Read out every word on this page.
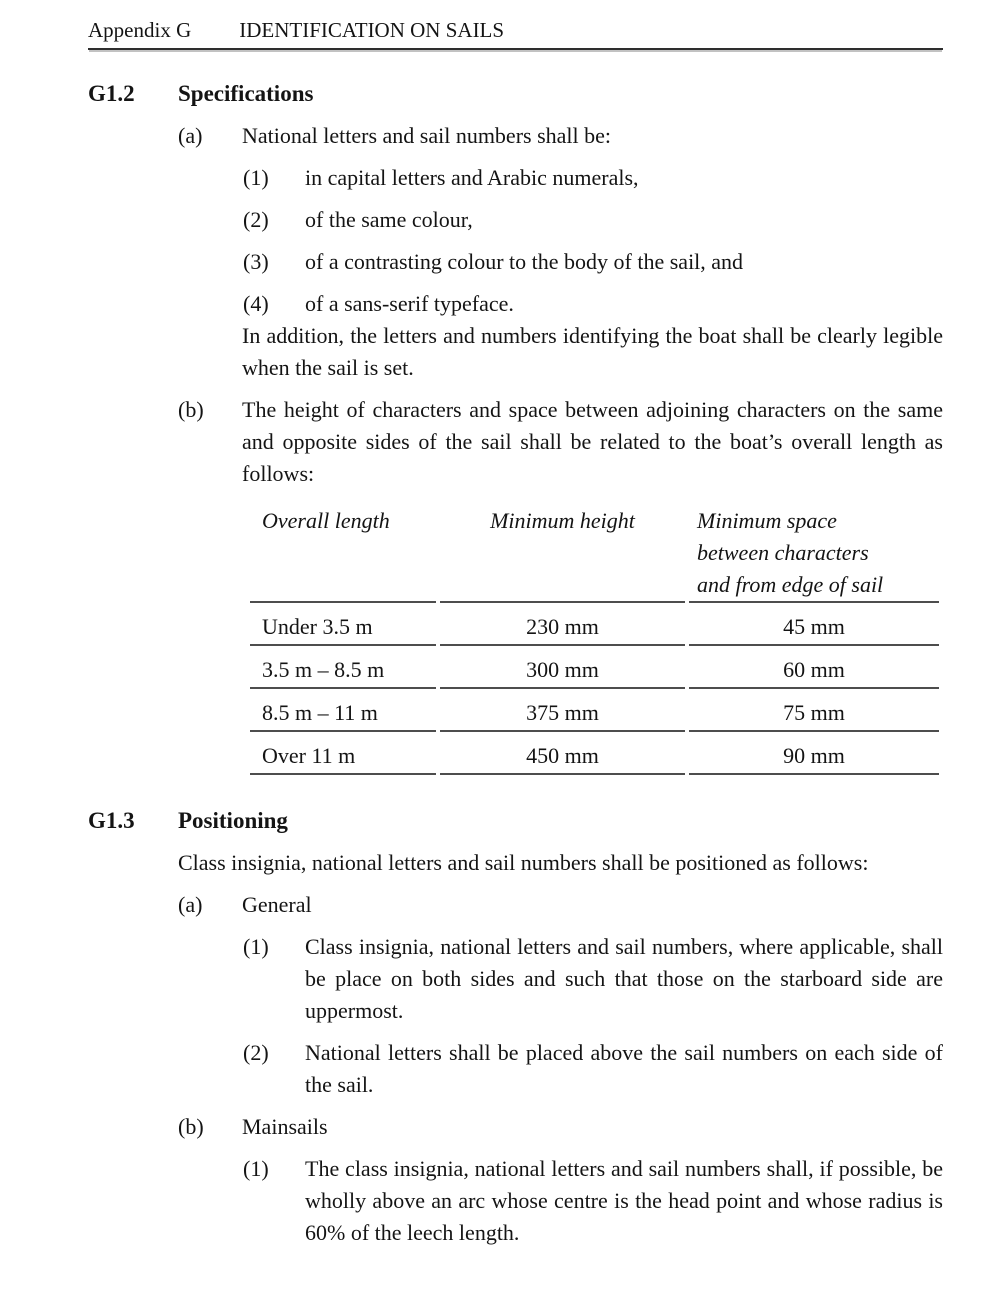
Appendix G IDENTIFICATION ON SAILS
G1.2	Specifications
(a)	National letters and sail numbers shall be:

(1)	in capital letters and Arabic numerals,

(2)	of the same colour,

(3)	of a contrasting colour to the body of the sail, and

(4)	of a sans-serif typeface.

In addition, the letters and numbers identifying the boat shall be clearly legible when the sail is set.

(b)	The height of characters and space between adjoining characters on the same and opposite sides of the sail shall be related to the boat’s overall length as follows:

Overall length	Minimum height	Minimum space
between characters
and from edge of sail

Under 3.5 m	230 mm	45 mm
3.5 m – 8.5 m	300 mm	60 mm
8.5 m – 11 m	375 mm	75 mm
Over 11 m	450 mm	90 mm
G1.3	Positioning

Class insignia, national letters and sail numbers shall be positioned as follows:

(a)	General

(1)	Class insignia, national letters and sail numbers, where applicable, shall be place on both sides and such that those on the starboard side are uppermost.

(2)	National letters shall be placed above the sail numbers on each side of the sail.

(b)	Mainsails

(1)	The class insignia, national letters and sail numbers shall, if possible, be wholly above an arc whose centre is the head point and whose radius is 60% of the leech length.
